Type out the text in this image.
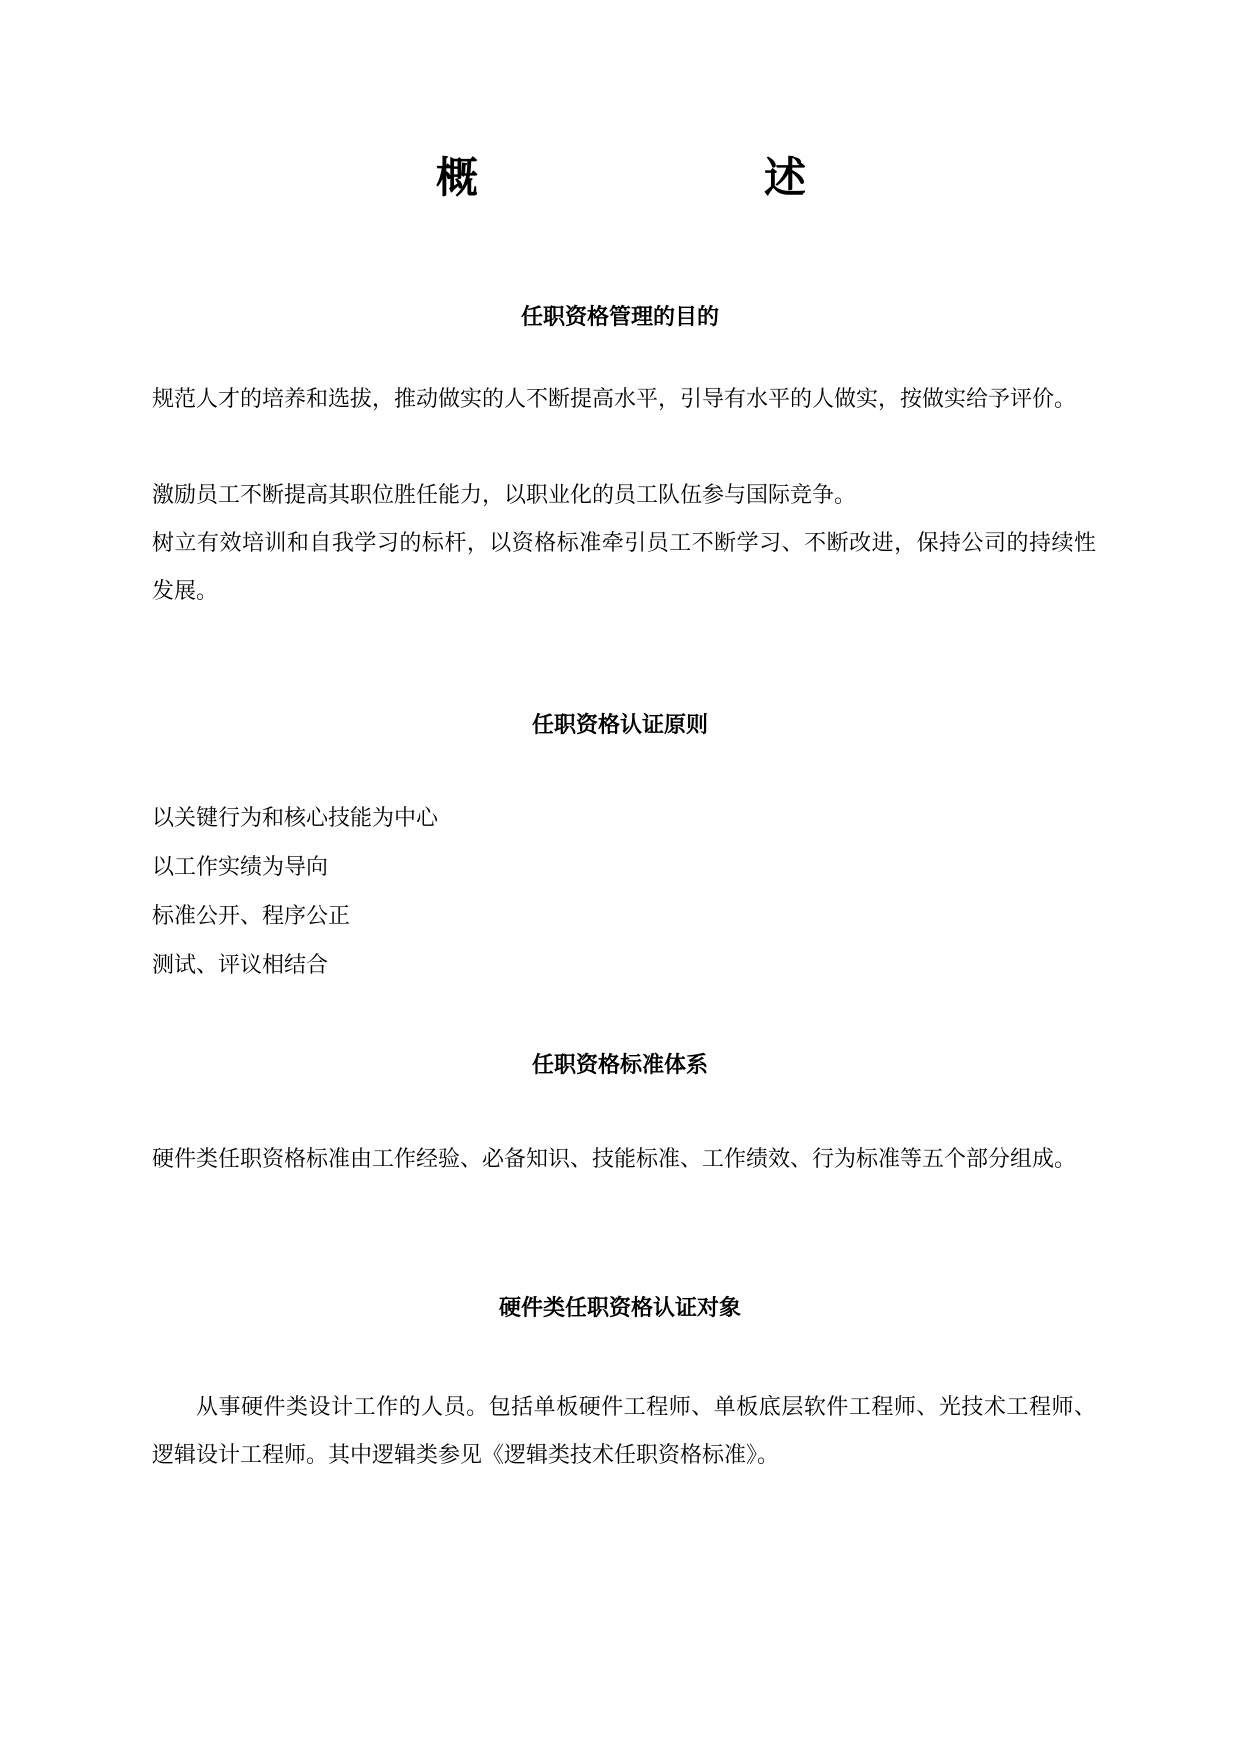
概	述
任职资格管理的目的
规范人才的培养和选拔，推动做实的人不断提高水平，引导有水平的人做实，按做实给予评价。
激励员工不断提高其职位胜任能力，以职业化的员工队伍参与国际竞争。
树立有效培训和自我学习的标杆，以资格标准牵引员工不断学习、不断改进，保持公司的持续性发展。
任职资格认证原则
以关键行为和核心技能为中心
以工作实绩为导向
标准公开、程序公正
测试、评议相结合
任职资格标准体系
硬件类任职资格标准由工作经验、必备知识、技能标准、工作绩效、行为标准等五个部分组成。
硬件类任职资格认证对象
从事硬件类设计工作的人员。包括单板硬件工程师、单板底层软件工程师、光技术工程师、逻辑设计工程师。其中逻辑类参见《逻辑类技术任职资格标准》。
